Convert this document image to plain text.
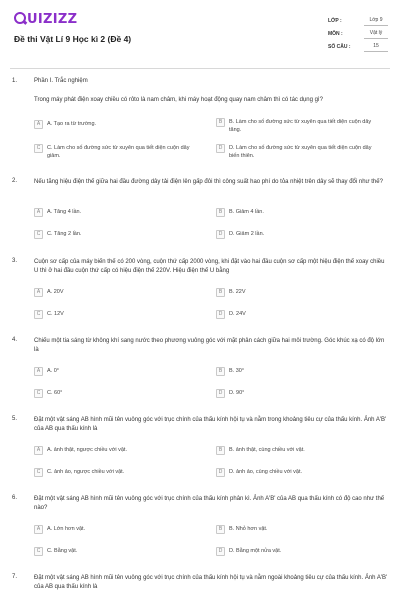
UIZIZZ
Đề thi Vật Lí 9 Học kì 2 (Đề 4)
LỚP :	Lớp 9
MÔN :	Vật lý
SỐ CÂU :	15
1.	Phần I. Trắc nghiệm
Trong máy phát điện xoay chiều có rôto là nam châm, khi máy hoạt động quay nam châm thì có tác dụng gì?
A	A. Tạo ra từ trường.	B	B. Làm cho số đường sức từ xuyên qua tiết diện cuộn dây tăng.
C	C. Làm cho số đường sức từ xuyên qua tiết diện cuộn dây giảm.
D	D. Làm cho số đường sức từ xuyên qua tiết diện cuộn dây biến thiên.
2.	Nếu tăng hiệu điện thế giữa hai đầu đường dây tải điện lên gấp đôi thì công suất hao phí do tỏa nhiệt trên dây sẽ thay đổi như thế?
A	A. Tăng 4 lần.	B	B. Giảm 4 lần.
C	C. Tăng 2 lần.	D	D. Giảm 2 lần.
3.	Cuộn sơ cấp của máy biến thế có 200 vòng, cuộn thứ cấp 2000 vòng, khi đặt vào hai đầu cuộn sơ cấp một hiệu điện thế xoay chiều U thì ở hai đầu cuộn thứ cấp có hiệu điện thế 220V. Hiệu điện thế U bằng
A	A. 20V	B	B. 22V
C	C. 12V	D	D. 24V
4.	Chiếu một tia sáng từ không khí sang nước theo phương vuông góc với mặt phân cách giữa hai môi trường. Góc khúc xạ có độ lớn là
A	A. 0°	B	B. 30°
C	C. 60°	D	D. 90°
5.	Đặt một vật sáng AB hình mũi tên vuông góc với trục chính của thấu kính hội tụ và nằm trong khoảng tiêu cự của thấu kính. Ảnh A'B' của AB qua thấu kính là
A	A. ảnh thật, ngược chiều với vật.	B	B. ảnh thật, cùng chiều với vật.
C	C. ảnh ảo, ngược chiều với vật.	D	D. ảnh ảo, cùng chiều với vật.
6.	Đặt một vật sáng AB hình mũi tên vuông góc với trục chính của thấu kính phân kì. Ảnh A'B' của AB qua thấu kính có độ cao như thế nào?
A	A. Lớn hơn vật.	B	B. Nhỏ hơn vật.
C	C. Bằng vật.	D	D. Bằng một nửa vật.
7.	Đặt một vật sáng AB hình mũi tên vuông góc với trục chính của thấu kính hội tụ và nằm ngoài khoảng tiêu cự của thấu kính. Ảnh A'B' của AB qua thấu kính là
